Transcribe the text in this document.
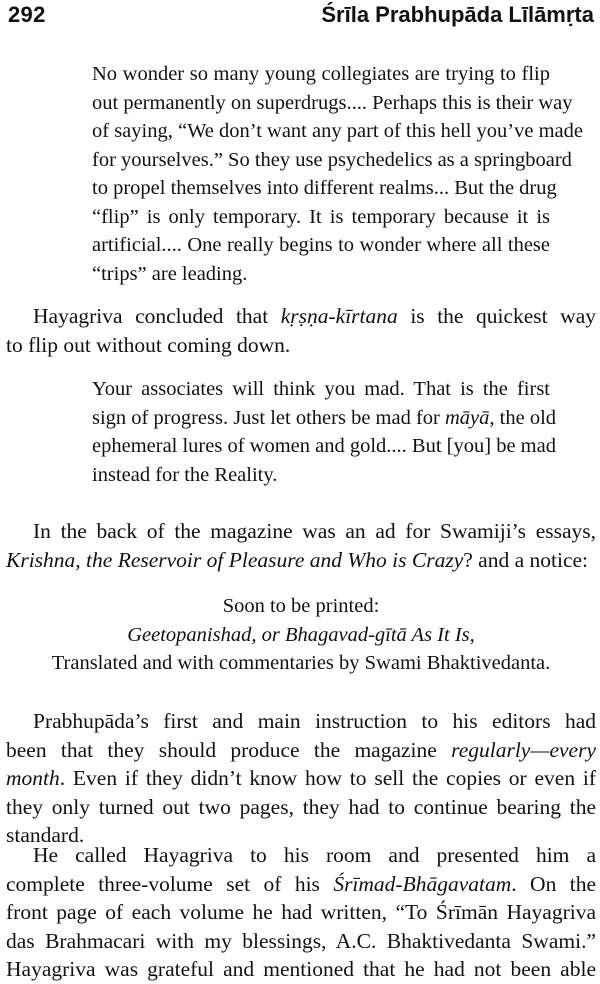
292	Śrīla Prabhupāda Līlāmṛta
No wonder so many young collegiates are trying to flip
out permanently on superdrugs.... Perhaps this is their way
of saying, “We don’t want any part of this hell you’ve made
for yourselves.” So they use psychedelics as a springboard
to propel themselves into different realms... But the drug
“flip” is only temporary. It is temporary because it is
artificial.... One really begins to wonder where all these
“trips” are leading.
Hayagriva concluded that kṛṣṇa-kīrtana is the quickest way
to flip out without coming down.
Your associates will think you mad. That is the first
sign of progress. Just let others be mad for māyā, the old
ephemeral lures of women and gold.... But [you] be mad
instead for the Reality.
In the back of the magazine was an ad for Swamiji’s essays,
Krishna, the Reservoir of Pleasure and Who is Crazy? and a notice:
Soon to be printed:
Geetopanishad, or Bhagavad-gītā As It Is,
Translated and with commentaries by Swami Bhaktivedanta.
Prabhupāda’s first and main instruction to his editors had
been that they should produce the magazine regularly—every
month. Even if they didn’t know how to sell the copies or even if
they only turned out two pages, they had to continue bearing the
standard.
He called Hayagriva to his room and presented him a
complete three-volume set of his Śrīmad-Bhāgavatam. On the
front page of each volume he had written, “To Śrīmān Hayagriva
das Brahmacari with my blessings, A.C. Bhaktivedanta Swami.”
Hayagriva was grateful and mentioned that he had not been able
